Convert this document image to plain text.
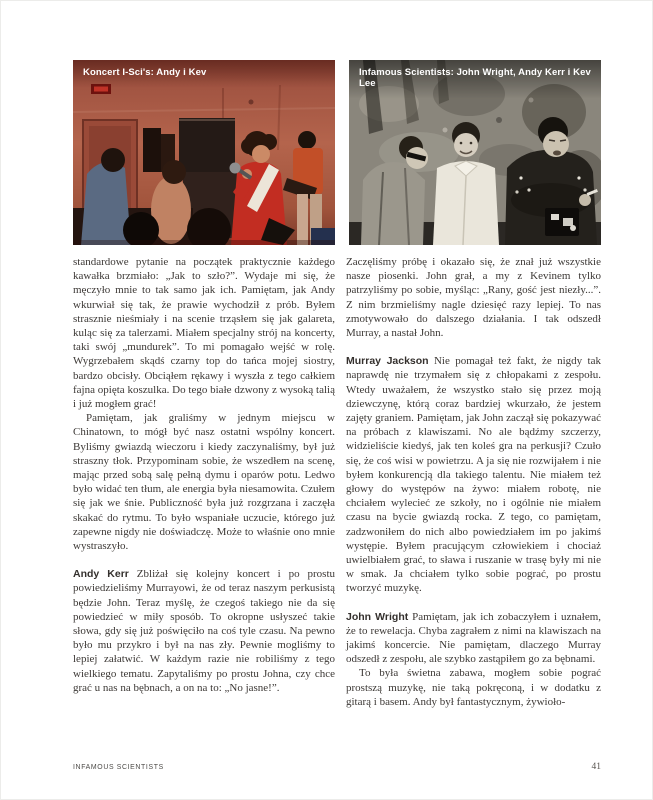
Koncert I-Sci's: Andy i Kev	Infamous Scientists: John Wright, Andy Kerr i Kev Lee

standardowe pytanie na początek praktycznie każdego kawałka brzmiało: „Jak to szło?”. Wydaje mi się, że męczyło mnie to tak samo jak ich. Pamiętam, jak Andy wkurwiał się tak, że prawie wychodził z prób. Byłem strasznie nieśmiały i na scenie trząsłem się jak galareta, kuląc się za talerzami. Miałem specjalny strój na koncerty, taki swój „mundurek”. To mi pomagało wejść w rolę. Wygrzebałem skądś czarny top do tańca mojej siostry, bardzo obcisły. Obciąłem rękawy i wyszła z tego całkiem fajna opięta koszulka. Do tego białe dzwony z wysoką talią i już mogłem grać!

Pamiętam, jak graliśmy w jednym miejscu w Chinatown, to mógł być nasz ostatni wspólny koncert. Byliśmy gwiazdą wieczoru i kiedy zaczynaliśmy, był już straszny tłok. Przypominam sobie, że wszedłem na scenę, mając przed sobą salę pełną dymu i oparów potu. Ledwo było widać ten tłum, ale energia była niesamowita. Czułem się jak we śnie. Publiczność była już rozgrzana i zaczęła skakać do rytmu. To było wspaniałe uczucie, którego już zapewne nigdy nie doświadczę. Może to właśnie ono mnie wystraszyło.

Andy Kerr Zbliżał się kolejny koncert i po prostu powiedzieliśmy Murrayowi, że od teraz naszym perkusistą będzie John. Teraz myślę, że czegoś takiego nie da się powiedzieć w miły sposób. To okropne usłyszeć takie słowa, gdy się już poświęciło na coś tyle czasu. Na pewno było mu przykro i był na nas zły. Pewnie mogliśmy to lepiej załatwić. W każdym razie nie robiliśmy z tego wielkiego tematu. Zapytaliśmy po prostu Johna, czy chce grać u nas na bębnach, a on na to: „No jasne!”.

Zaczęliśmy próbę i okazało się, że znał już wszystkie nasze piosenki. John grał, a my z Kevinem tylko patrzyliśmy po sobie, myśląc: „Rany, gość jest niezły...”. Z nim brzmieliśmy nagle dziesięć razy lepiej. To nas zmotywowało do dalszego działania. I tak odszedł Murray, a nastał John.

Murray Jackson Nie pomagał też fakt, że nigdy tak naprawdę nie trzymałem się z chłopakami z zespołu. Wtedy uważałem, że wszystko stało się przez moją dziewczynę, którą coraz bardziej wkurzało, że jestem zajęty graniem. Pamiętam, jak John zaczął się pokazywać na próbach z klawiszami. No ale bądźmy szczerzy, widzieliście kiedyś, jak ten koleś gra na perkusji? Czuło się, że coś wisi w powietrzu. A ja się nie rozwijałem i nie byłem konkurencją dla takiego talentu. Nie miałem też głowy do występów na żywo: miałem robotę, nie chciałem wylecieć ze szkoły, no i ogólnie nie miałem czasu na bycie gwiazdą rocka. Z tego, co pamiętam, zadzwoniłem do nich albo powiedziałem im po jakimś występie. Byłem pracującym człowiekiem i chociaż uwielbiałem grać, to sława i ruszanie w trasę były mi nie w smak. Ja chciałem tylko sobie pograć, po prostu tworzyć muzykę.

John Wright Pamiętam, jak ich zobaczyłem i uznałem, że to rewelacja. Chyba zagrałem z nimi na klawiszach na jakimś koncercie. Nie pamiętam, dlaczego Murray odszedł z zespołu, ale szybko zastąpiłem go za bębnami.

To była świetna zabawa, mogłem sobie pograć prostszą muzykę, nie taką pokręconą, i w dodatku z gitarą i basem. Andy był fantastycznym, żywioło-

INFAMOUS SCIENTISTS	41
